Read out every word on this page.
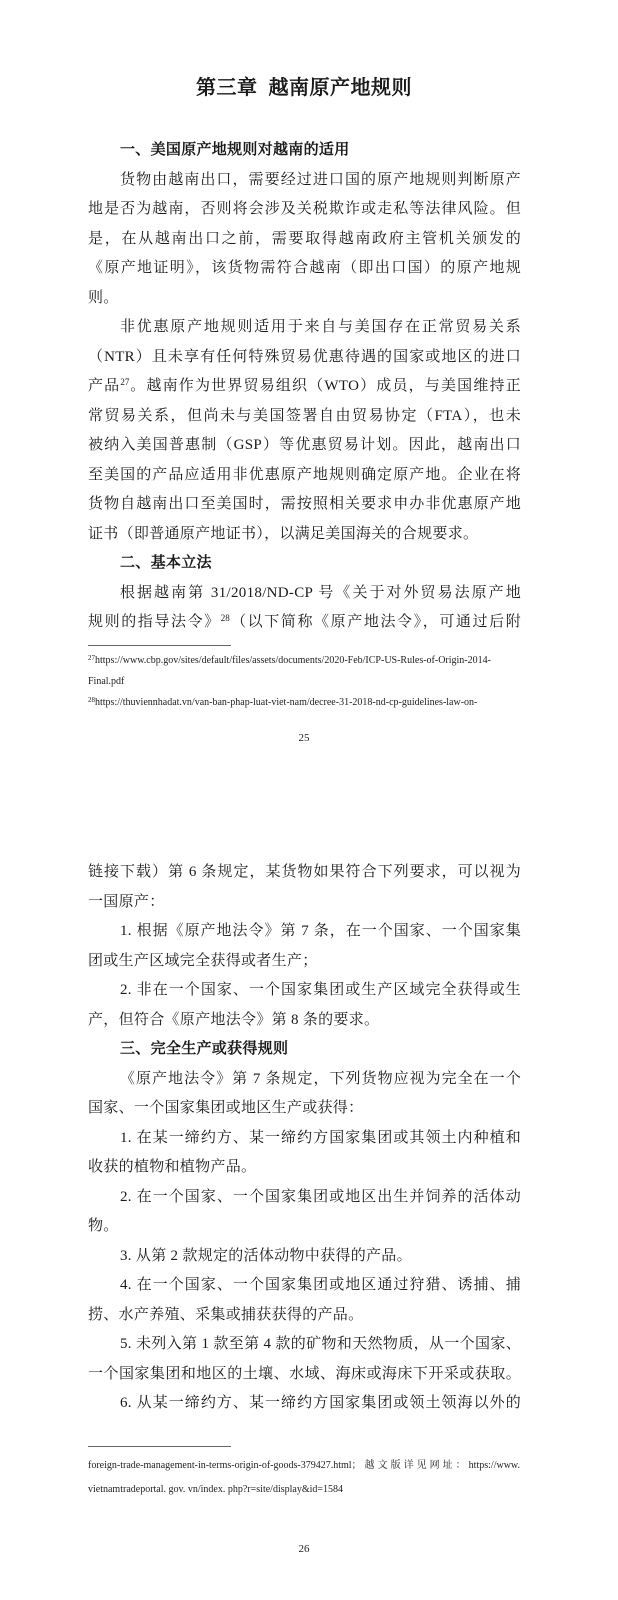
第三章  越南原产地规则
一、美国原产地规则对越南的适用
货物由越南出口，需要经过进口国的原产地规则判断原产
地是否为越南，否则将会涉及关税欺诈或走私等法律风险。但
是，在从越南出口之前，需要取得越南政府主管机关颁发的
《原产地证明》，该货物需符合越南（即出口国）的原产地规
则。
非优惠原产地规则适用于来自与美国存在正常贸易关系
（NTR）且未享有任何特殊贸易优惠待遇的国家或地区的进口
产品$^{27}$。越南作为世界贸易组织（WTO）成员，与美国维持正
常贸易关系，但尚未与美国签署自由贸易协定（FTA），也未
被纳入美国普惠制（GSP）等优惠贸易计划。因此，越南出口
至美国的产品应适用非优惠原产地规则确定原产地。企业在将
货物自越南出口至美国时，需按照相关要求申办非优惠原产地
证书（即普通原产地证书），以满足美国海关的合规要求。
二、基本立法
根据越南第 31/2018/ND-CP 号《关于对外贸易法原产地
规则的指导法令》$^{28}$（以下简称《原产地法令》，可通过后附
$^{27}$https://www.cbp.gov/sites/default/files/assets/documents/2020-Feb/ICP-US-Rules-of-Origin-2014-
Final.pdf
$^{28}$https://thuviennhadat.vn/van-ban-phap-luat-viet-nam/decree-31-2018-nd-cp-guidelines-law-on-
25
链接下载）第 6 条规定，某货物如果符合下列要求，可以视为
一国原产：
1. 根据《原产地法令》第 7 条，在一个国家、一个国家集
团或生产区域完全获得或者生产；
2. 非在一个国家、一个国家集团或生产区域完全获得或生
产，但符合《原产地法令》第 8 条的要求。
三、完全生产或获得规则
《原产地法令》第 7 条规定，下列货物应视为完全在一个
国家、一个国家集团或地区生产或获得：
1. 在某一缔约方、某一缔约方国家集团或其领土内种植和
收获的植物和植物产品。
2. 在一个国家、一个国家集团或地区出生并饲养的活体动
物。
3. 从第 2 款规定的活体动物中获得的产品。
4. 在一个国家、一个国家集团或地区通过狩猎、诱捕、捕
捞、水产养殖、采集或捕获获得的产品。
5. 未列入第 1 款至第 4 款的矿物和天然物质，从一个国家、
一个国家集团和地区的土壤、水域、海床或海床下开采或获取。
6. 从某一缔约方、某一缔约方国家集团或领土领海以外的
foreign-trade-management-in-terms-origin-of-goods-379427.html；越文版详见网址：https://www.
vietnamtradeportal. gov. vn/index. php?r=site/display&id=1584
26
